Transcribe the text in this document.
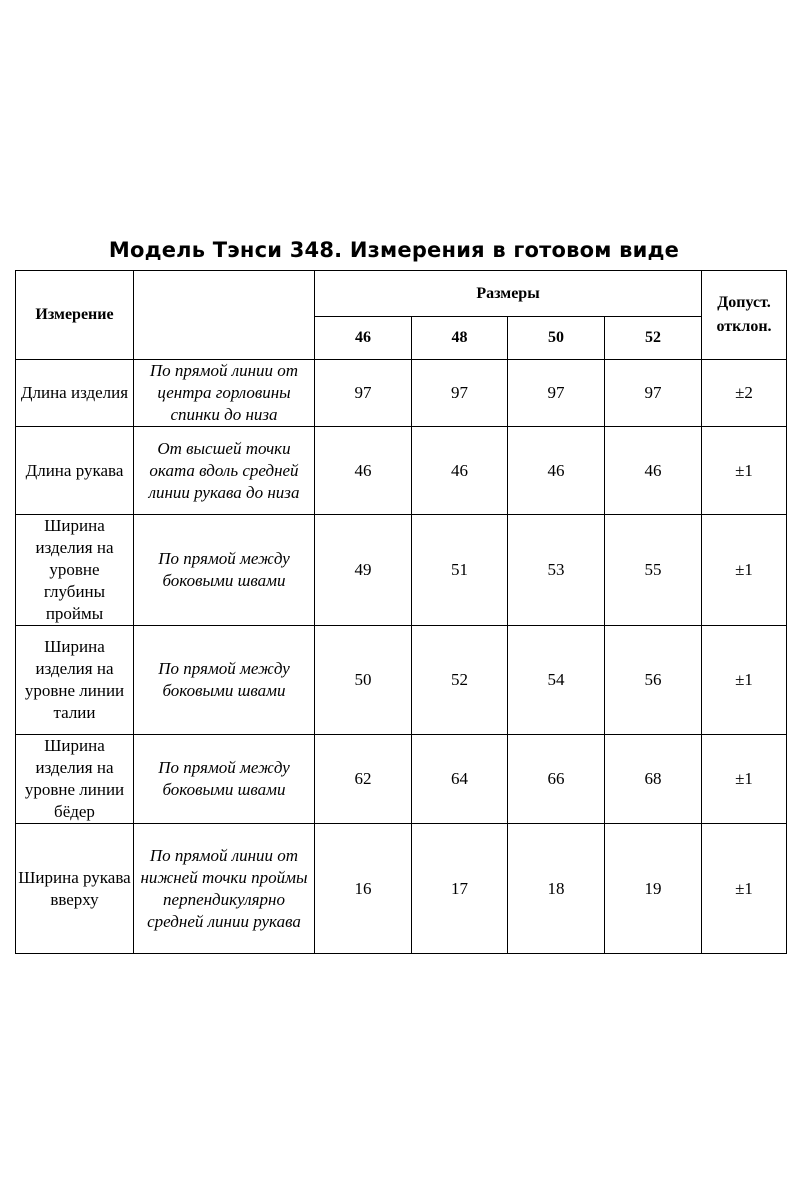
Модель Тэнси 348. Измерения в готовом виде
Измерение		Размеры				Допуст. отклон.
		46	48	50	52	
Длина изделия	По прямой линии от центра горловины спинки до низа	97	97	97	97	±2
Длина рукава	От высшей точки оката вдоль средней линии рукава до низа	46	46	46	46	±1
Ширина изделия на уровне глубины проймы	По прямой между боковыми швами	49	51	53	55	±1
Ширина изделия на уровне линии талии	По прямой между боковыми швами	50	52	54	56	±1
Ширина изделия на уровне линии бёдер	По прямой между боковыми швами	62	64	66	68	±1
Ширина рукава вверху	По прямой линии от нижней точки проймы перпендикулярно средней линии рукава	16	17	18	19	±1
